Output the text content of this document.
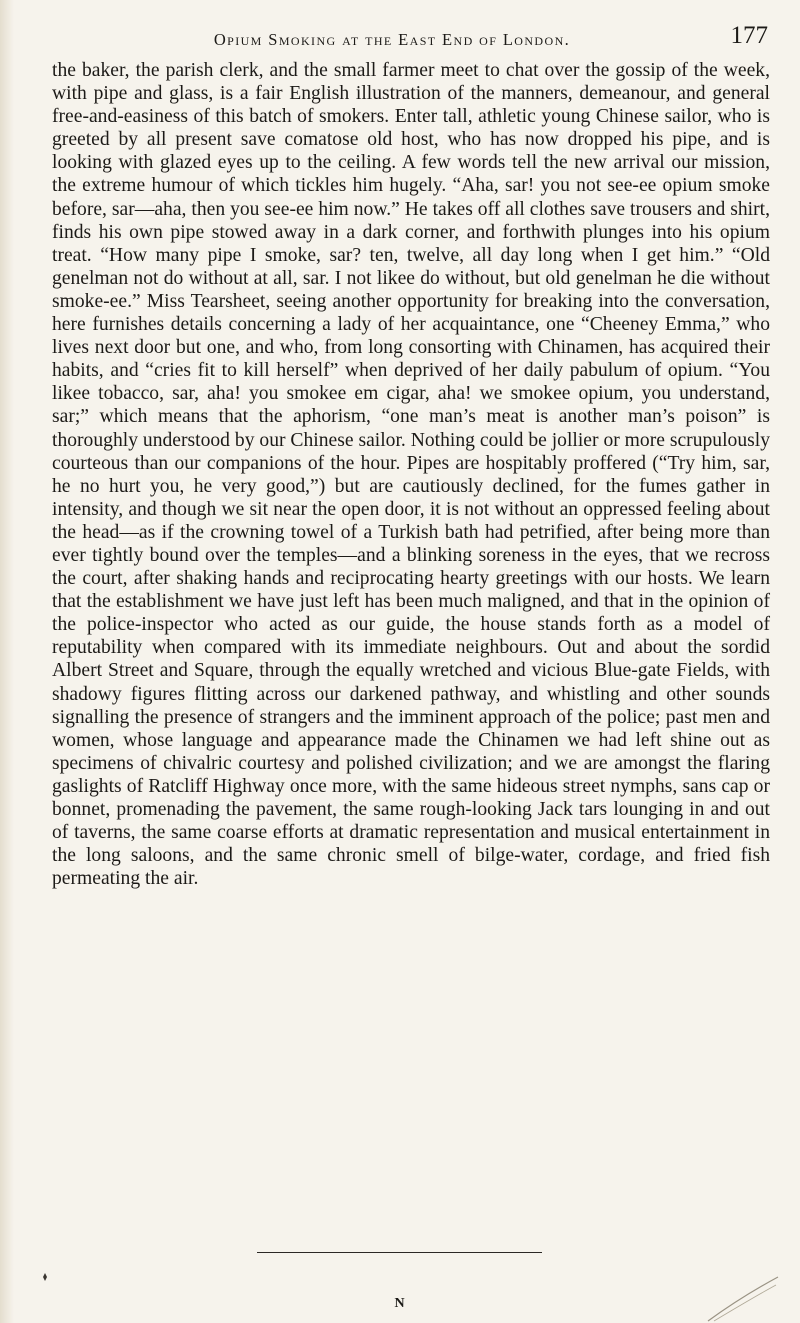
Opium Smoking at the East End of London.	177

the baker, the parish clerk, and the small farmer meet to chat over the gossip of the week, with pipe and glass, is a fair English illustration of the manners, demeanour, and general free-and-easiness of this batch of smokers. Enter tall, athletic young Chinese sailor, who is greeted by all present save comatose old host, who has now dropped his pipe, and is looking with glazed eyes up to the ceiling. A few words tell the new arrival our mission, the extreme humour of which tickles him hugely. “Aha, sar! you not see-ee opium smoke before, sar—aha, then you see-ee him now.” He takes off all clothes save trousers and shirt, finds his own pipe stowed away in a dark corner, and forthwith plunges into his opium treat. “How many pipe I smoke, sar? ten, twelve, all day long when I get him.” “Old genelman not do without at all, sar. I not likee do without, but old genelman he die without smoke-ee.” Miss Tearsheet, seeing another opportunity for breaking into the conversation, here furnishes details concerning a lady of her acquaintance, one “Cheeney Emma,” who lives next door but one, and who, from long consorting with Chinamen, has acquired their habits, and “cries fit to kill herself” when deprived of her daily pabulum of opium. “You likee tobacco, sar, aha! you smokee em cigar, aha! we smokee opium, you understand, sar;” which means that the aphorism, “one man’s meat is another man’s poison” is thoroughly understood by our Chinese sailor. Nothing could be jollier or more scrupulously courteous than our companions of the hour. Pipes are hospitably proffered (“Try him, sar, he no hurt you, he very good,”) but are cautiously declined, for the fumes gather in intensity, and though we sit near the open door, it is not without an oppressed feeling about the head—as if the crowning towel of a Turkish bath had petrified, after being more than ever tightly bound over the temples—and a blinking soreness in the eyes, that we recross the court, after shaking hands and reciprocating hearty greetings with our hosts. We learn that the establishment we have just left has been much maligned, and that in the opinion of the police-inspector who acted as our guide, the house stands forth as a model of reputability when compared with its immediate neighbours. Out and about the sordid Albert Street and Square, through the equally wretched and vicious Blue-gate Fields, with shadowy figures flitting across our darkened pathway, and whistling and other sounds signalling the presence of strangers and the imminent approach of the police; past men and women, whose language and appearance made the Chinamen we had left shine out as specimens of chivalric courtesy and polished civilization; and we are amongst the flaring gaslights of Ratcliff Highway once more, with the same hideous street nymphs, sans cap or bonnet, promenading the pavement, the same rough-looking Jack tars lounging in and out of taverns, the same coarse efforts at dramatic representation and musical entertainment in the long saloons, and the same chronic smell of bilge-water, cordage, and fried fish permeating the air.

N
